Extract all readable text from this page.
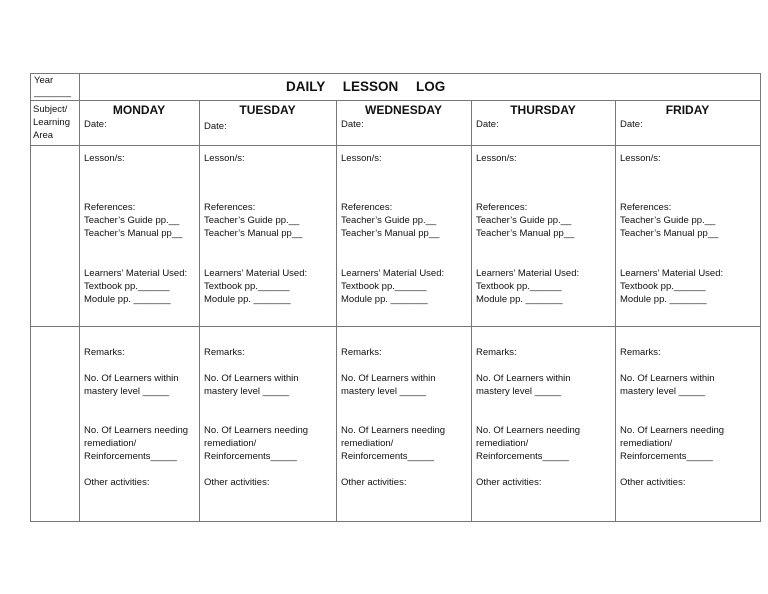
DAILY LESSON LOG
Year
_______
Subject/
Learning
Area
MONDAY
Date:
Lesson/s:
References:
Teacher’s Guide pp.__
Teacher’s Manual pp__
Learners’ Material Used:
Textbook pp.______
Module pp. _______
Remarks:
No. Of Learners within
mastery level _____
No. Of Learners needing
remediation/
Reinforcements_____
Other activities:
TUESDAY
Date:
Lesson/s:
References:
Teacher’s Guide pp.__
Teacher’s Manual pp__
Learners’ Material Used:
Textbook pp.______
Module pp. _______
Remarks:
No. Of Learners within
mastery level _____
No. Of Learners needing
remediation/
Reinforcements_____
Other activities:
WEDNESDAY
Date:
Lesson/s:
References:
Teacher’s Guide pp.__
Teacher’s Manual pp__
Learners’ Material Used:
Textbook pp.______
Module pp. _______
Remarks:
No. Of Learners within
mastery level _____
No. Of Learners needing
remediation/
Reinforcements_____
Other activities:
THURSDAY
Date:
Lesson/s:
References:
Teacher’s Guide pp.__
Teacher’s Manual pp__
Learners’ Material Used:
Textbook pp.______
Module pp. _______
Remarks:
No. Of Learners within
mastery level _____
No. Of Learners needing
remediation/
Reinforcements_____
Other activities:
FRIDAY
Date:
Lesson/s:
References:
Teacher’s Guide pp.__
Teacher’s Manual pp__
Learners’ Material Used:
Textbook pp.______
Module pp. _______
Remarks:
No. Of Learners within
mastery level _____
No. Of Learners needing
remediation/
Reinforcements_____
Other activities:
